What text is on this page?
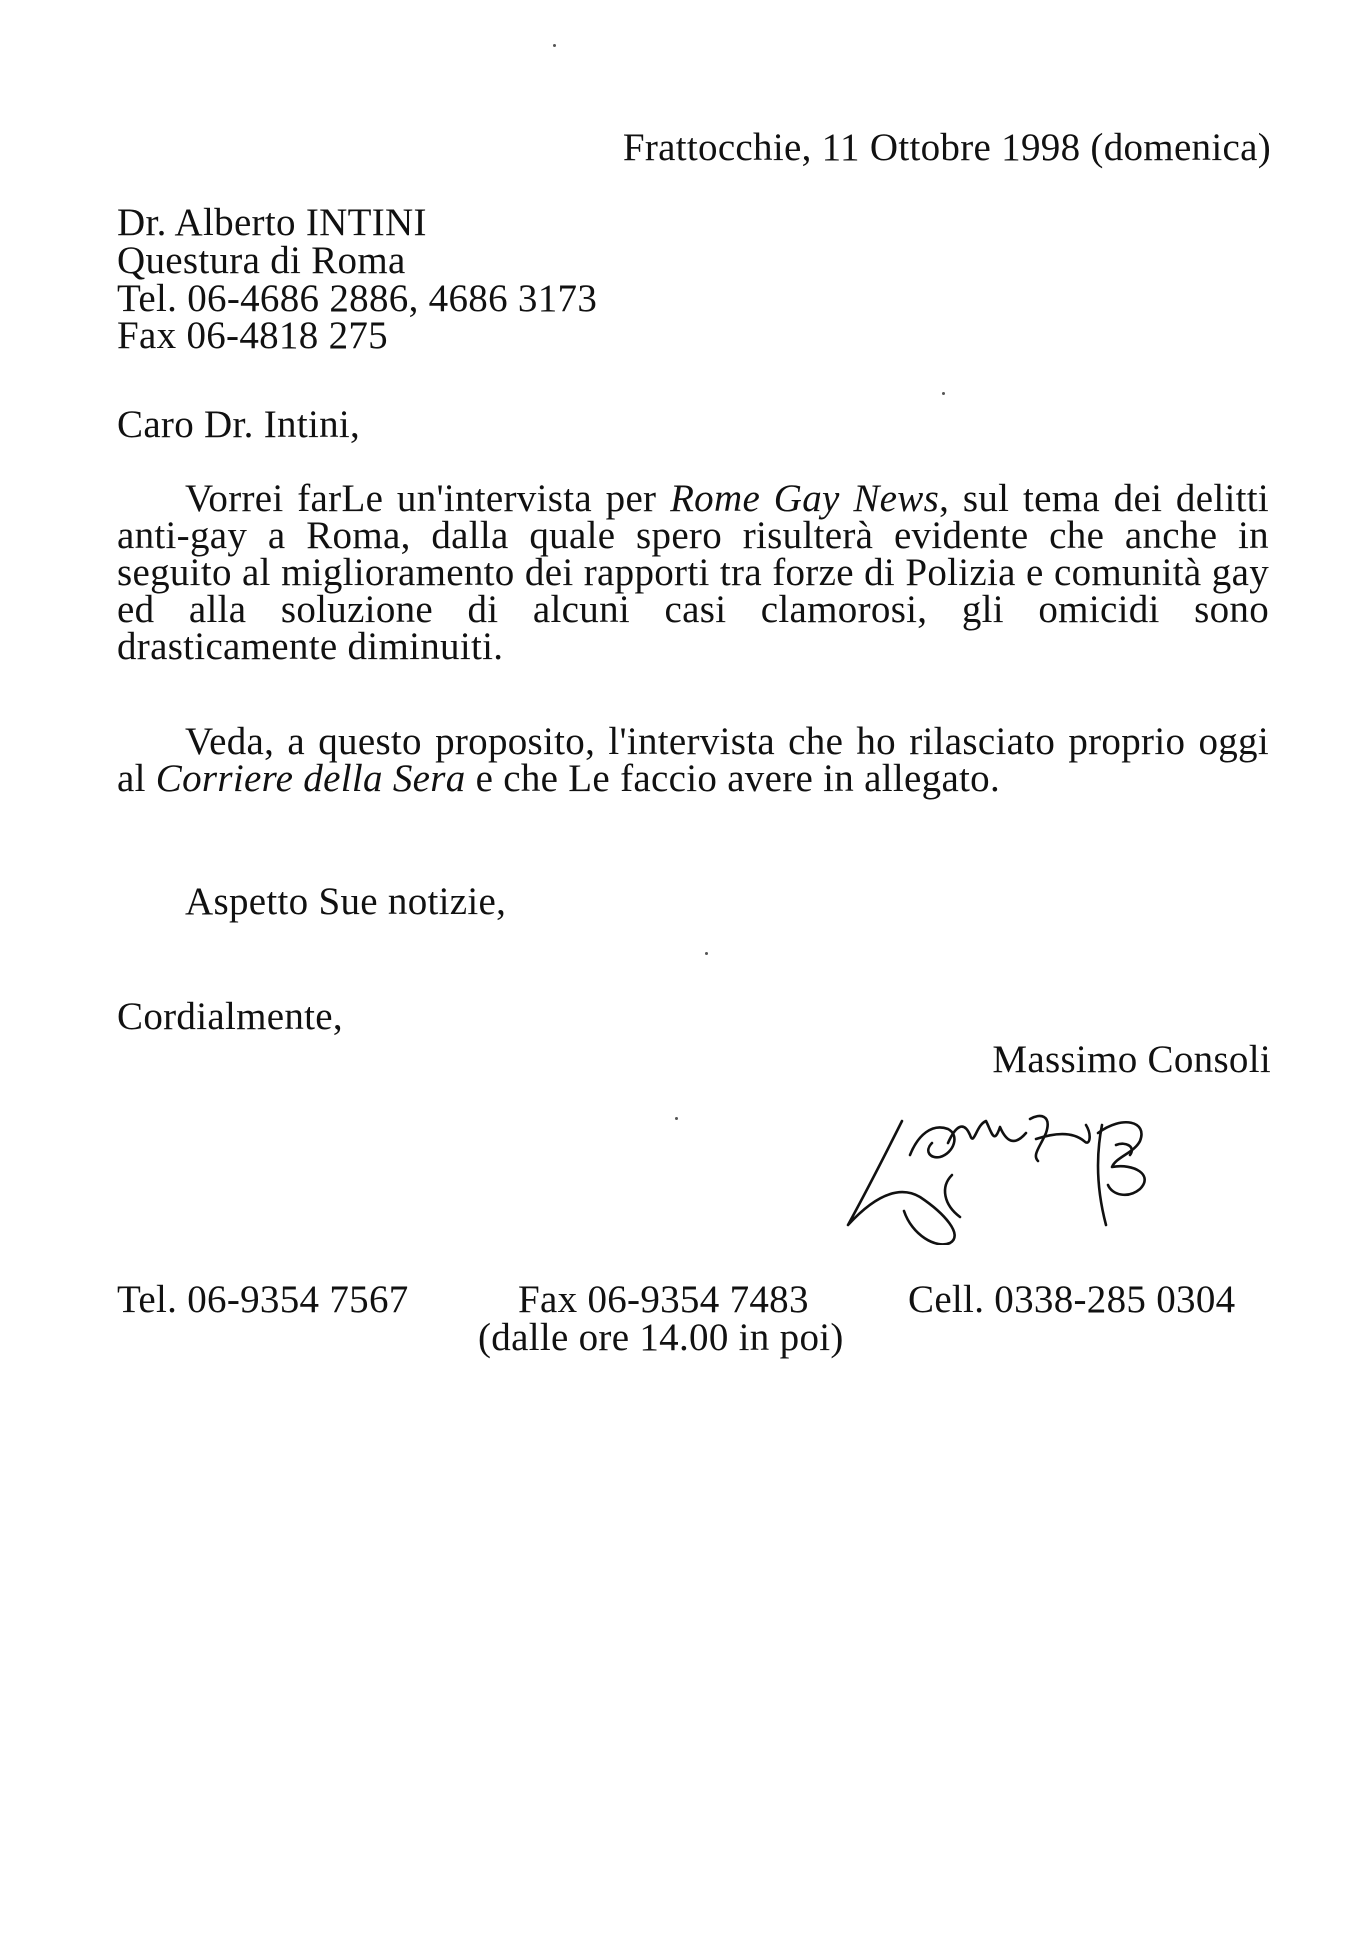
Frattocchie, 11 Ottobre 1998 (domenica)
Dr. Alberto INTINI
Questura di Roma
Tel. 06-4686 2886, 4686 3173
Fax 06-4818 275
Caro Dr. Intini,
Vorrei farLe un'intervista per Rome Gay News, sul tema dei delitti anti-gay a Roma, dalla quale spero risulterà evidente che anche in seguito al miglioramento dei rapporti tra forze di Polizia e comunità gay ed alla soluzione di alcuni casi clamorosi, gli omicidi sono drasticamente diminuiti.
Veda, a questo proposito, l'intervista che ho rilasciato proprio oggi al Corriere della Sera e che Le faccio avere in allegato.
Aspetto Sue notizie,
Cordialmente,
Massimo Consoli
Tel. 06-9354 7567	Fax 06-9354 7483	Cell. 0338-285 0304
(dalle ore 14.00 in poi)
